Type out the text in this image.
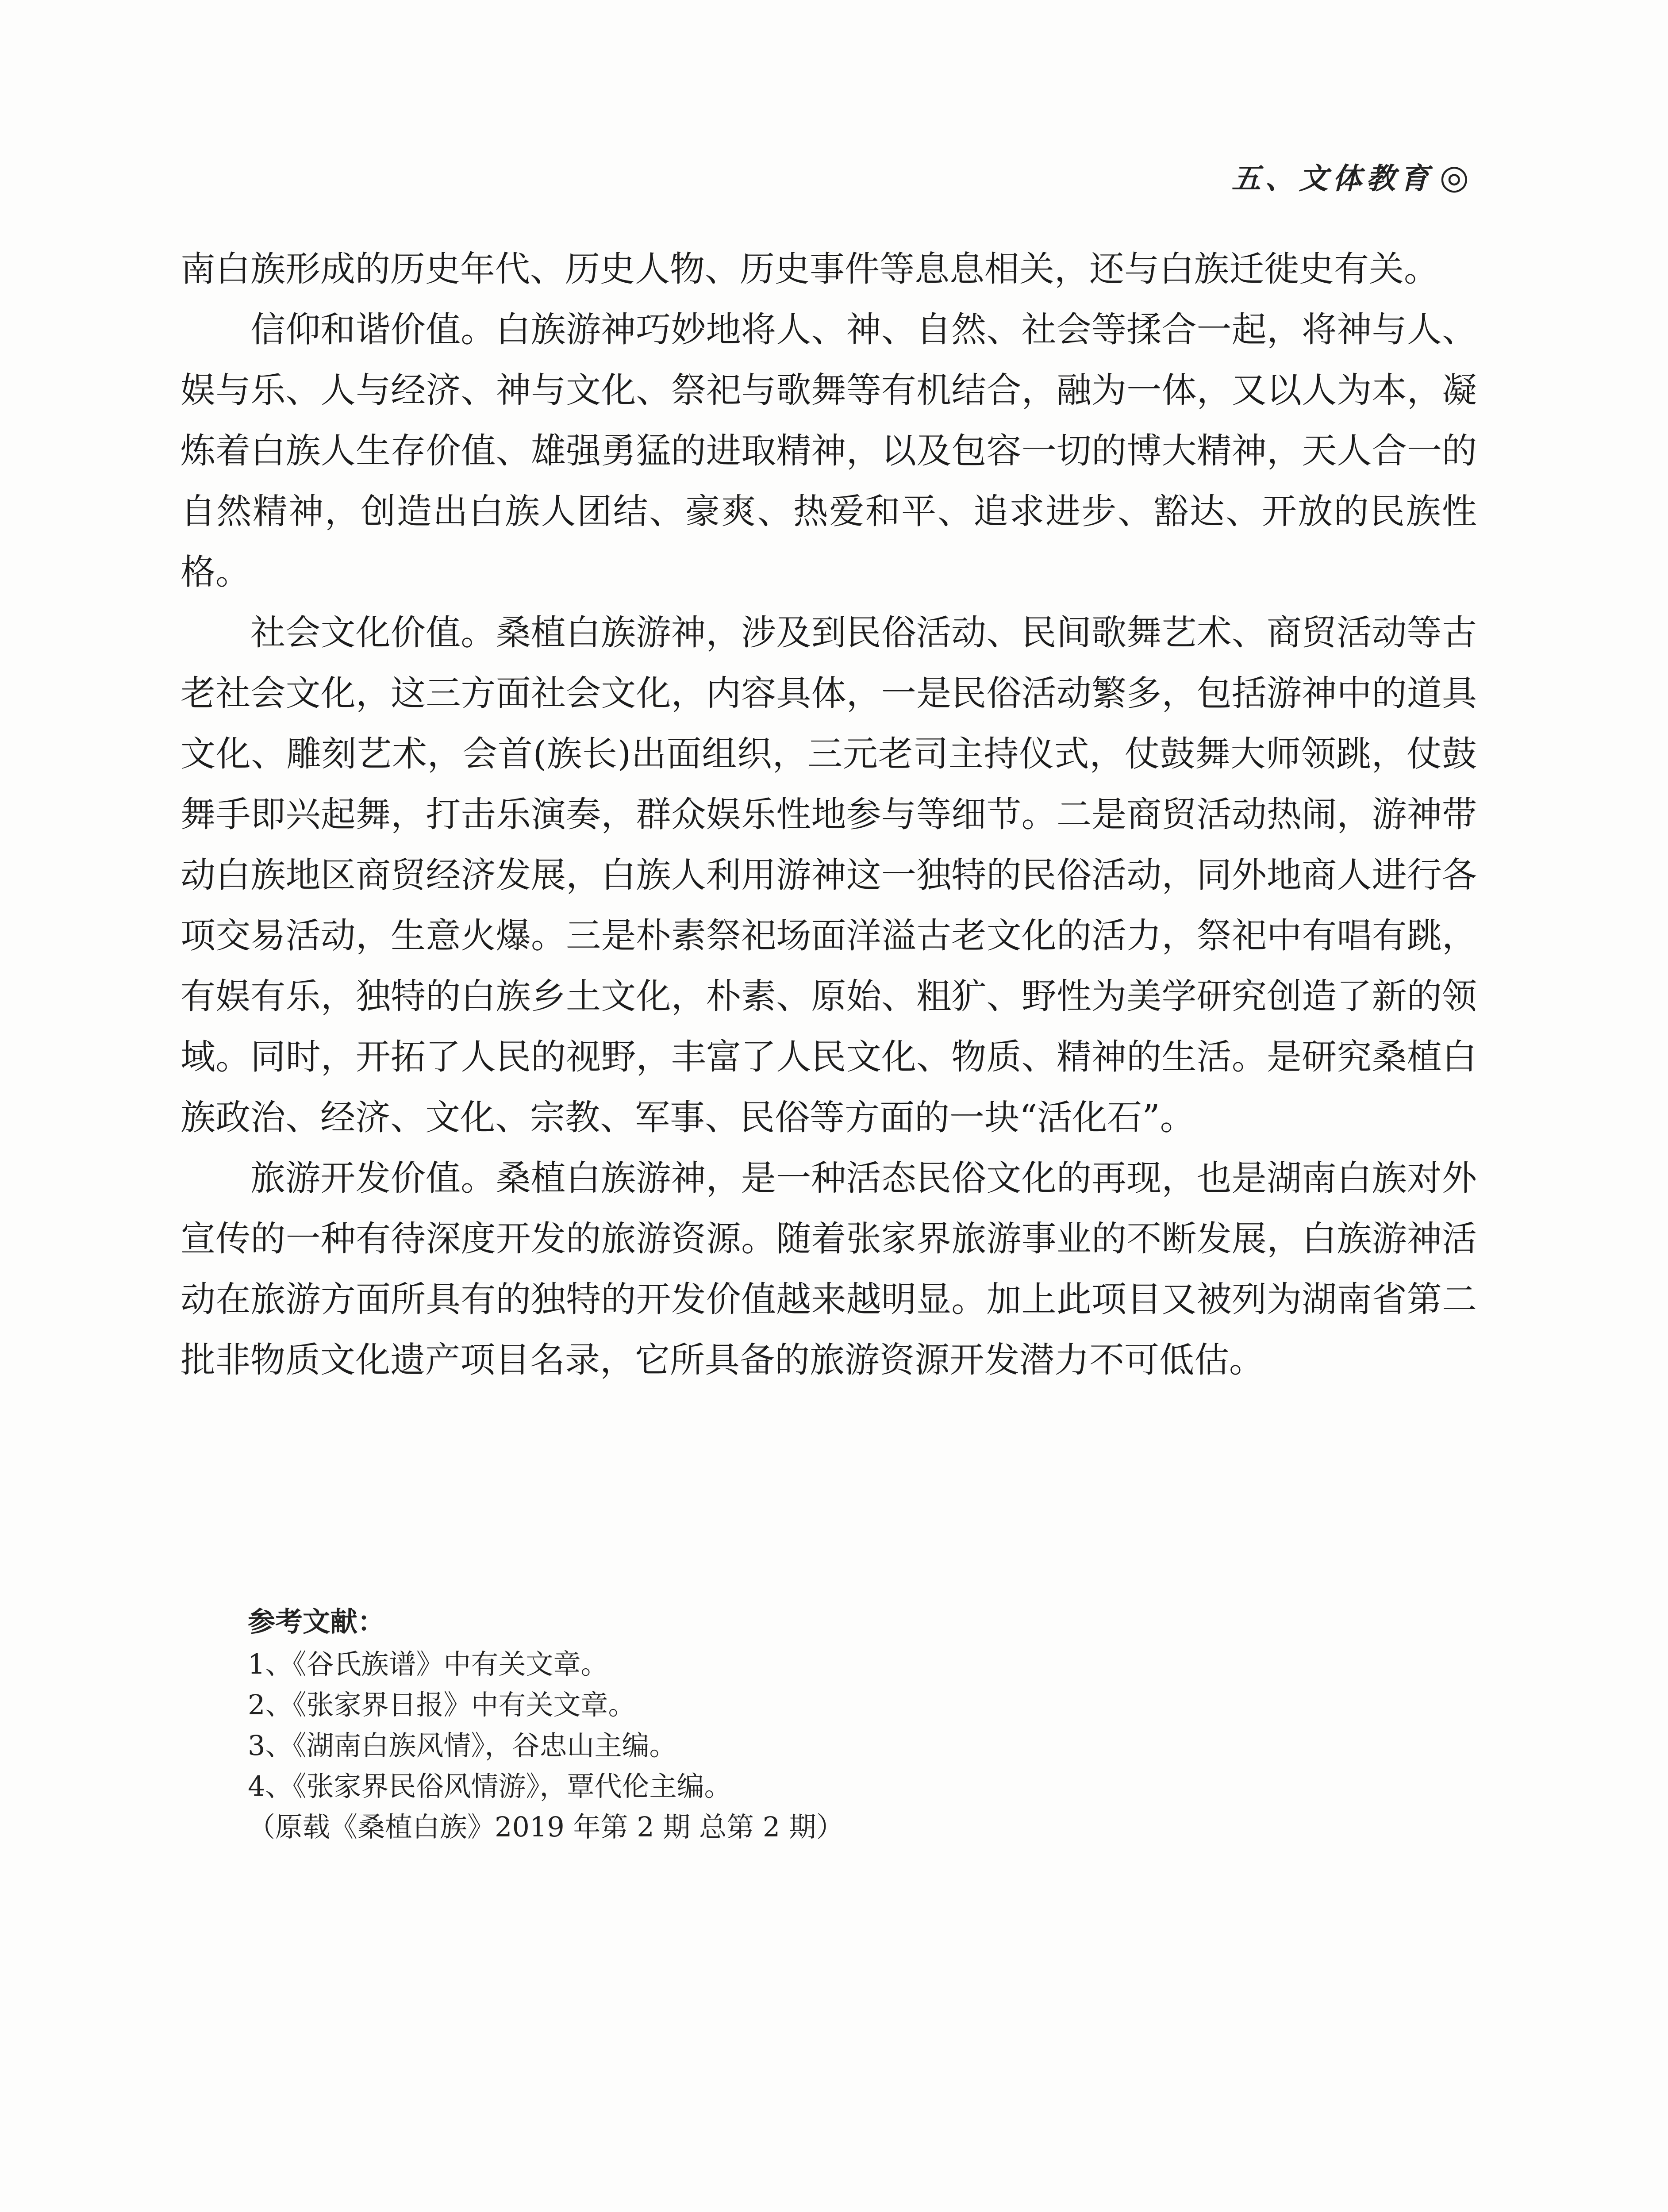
五、文体教育 ◎

南白族形成的历史年代、历史人物、历史事件等息息相关，还与白族迁徙史有关。

信仰和谐价值。白族游神巧妙地将人、神、自然、社会等揉合一起，将神与人、娱与乐、人与经济、神与文化、祭祀与歌舞等有机结合，融为一体，又以人为本，凝炼着白族人生存价值、雄强勇猛的进取精神，以及包容一切的博大精神，天人合一的自然精神，创造出白族人团结、豪爽、热爱和平、追求进步、豁达、开放的民族性格。

社会文化价值。桑植白族游神，涉及到民俗活动、民间歌舞艺术、商贸活动等古老社会文化，这三方面社会文化，内容具体，一是民俗活动繁多，包括游神中的道具文化、雕刻艺术，会首(族长)出面组织，三元老司主持仪式，仗鼓舞大师领跳，仗鼓舞手即兴起舞，打击乐演奏，群众娱乐性地参与等细节。二是商贸活动热闹，游神带动白族地区商贸经济发展，白族人利用游神这一独特的民俗活动，同外地商人进行各项交易活动，生意火爆。三是朴素祭祀场面洋溢古老文化的活力，祭祀中有唱有跳，有娱有乐，独特的白族乡土文化，朴素、原始、粗犷、野性为美学研究创造了新的领域。同时，开拓了人民的视野，丰富了人民文化、物质、精神的生活。是研究桑植白族政治、经济、文化、宗教、军事、民俗等方面的一块“活化石”。

旅游开发价值。桑植白族游神，是一种活态民俗文化的再现，也是湖南白族对外宣传的一种有待深度开发的旅游资源。随着张家界旅游事业的不断发展，白族游神活动在旅游方面所具有的独特的开发价值越来越明显。加上此项目又被列为湖南省第二批非物质文化遗产项目名录，它所具备的旅游资源开发潜力不可低估。

参考文献：
1、《谷氏族谱》中有关文章。
2、《张家界日报》中有关文章。
3、《湖南白族风情》，谷忠山主编。
4、《张家界民俗风情游》，覃代伦主编。
（原载《桑植白族》2019 年第 2 期 总第 2 期）
